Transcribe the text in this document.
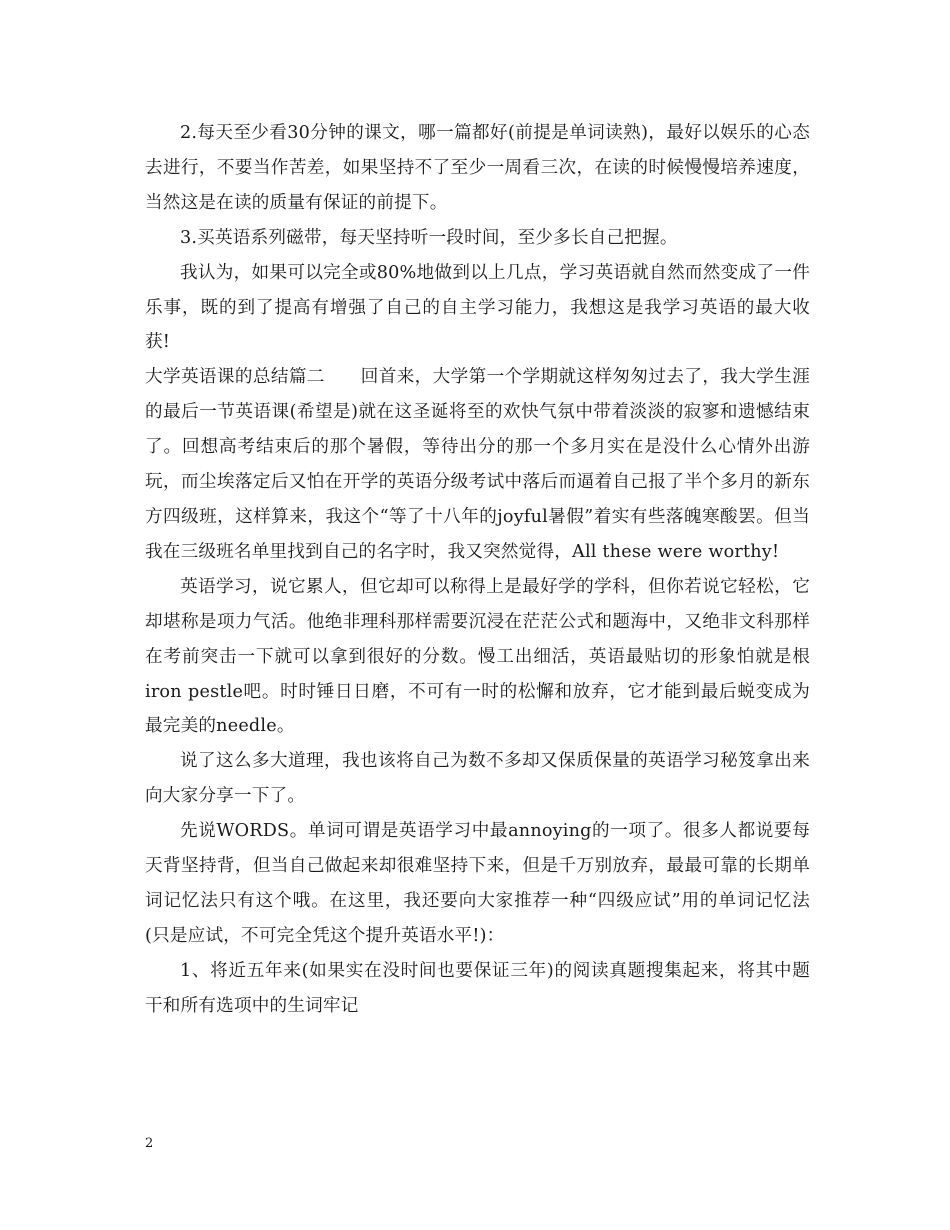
2.每天至少看30分钟的课文，哪一篇都好(前提是单词读熟)，最好以娱乐的心态去进行，不要当作苦差，如果坚持不了至少一周看三次，在读的时候慢慢培养速度，当然这是在读的质量有保证的前提下。

3.买英语系列磁带，每天坚持听一段时间，至少多长自己把握。

我认为，如果可以完全或80%地做到以上几点，学习英语就自然而然变成了一件乐事，既的到了提高有增强了自己的自主学习能力，我想这是我学习英语的最大收获!

大学英语课的总结篇二　　回首来，大学第一个学期就这样匆匆过去了，我大学生涯的最后一节英语课(希望是)就在这圣诞将至的欢快气氛中带着淡淡的寂寥和遗憾结束了。回想高考结束后的那个暑假，等待出分的那一个多月实在是没什么心情外出游玩，而尘埃落定后又怕在开学的英语分级考试中落后而逼着自己报了半个多月的新东方四级班，这样算来，我这个“等了十八年的joyful暑假”着实有些落魄寒酸罢。但当我在三级班名单里找到自己的名字时，我又突然觉得，All these were worthy!

英语学习，说它累人，但它却可以称得上是最好学的学科，但你若说它轻松，它却堪称是项力气活。他绝非理科那样需要沉浸在茫茫公式和题海中，又绝非文科那样在考前突击一下就可以拿到很好的分数。慢工出细活，英语最贴切的形象怕就是根iron pestle吧。时时锤日日磨，不可有一时的松懈和放弃，它才能到最后蜕变成为最完美的needle。

说了这么多大道理，我也该将自己为数不多却又保质保量的英语学习秘笈拿出来向大家分享一下了。

先说WORDS。单词可谓是英语学习中最annoying的一项了。很多人都说要每天背坚持背，但当自己做起来却很难坚持下来，但是千万别放弃，最最可靠的长期单词记忆法只有这个哦。在这里，我还要向大家推荐一种“四级应试”用的单词记忆法(只是应试，不可完全凭这个提升英语水平!)：

1、将近五年来(如果实在没时间也要保证三年)的阅读真题搜集起来，将其中题干和所有选项中的生词牢记

2
